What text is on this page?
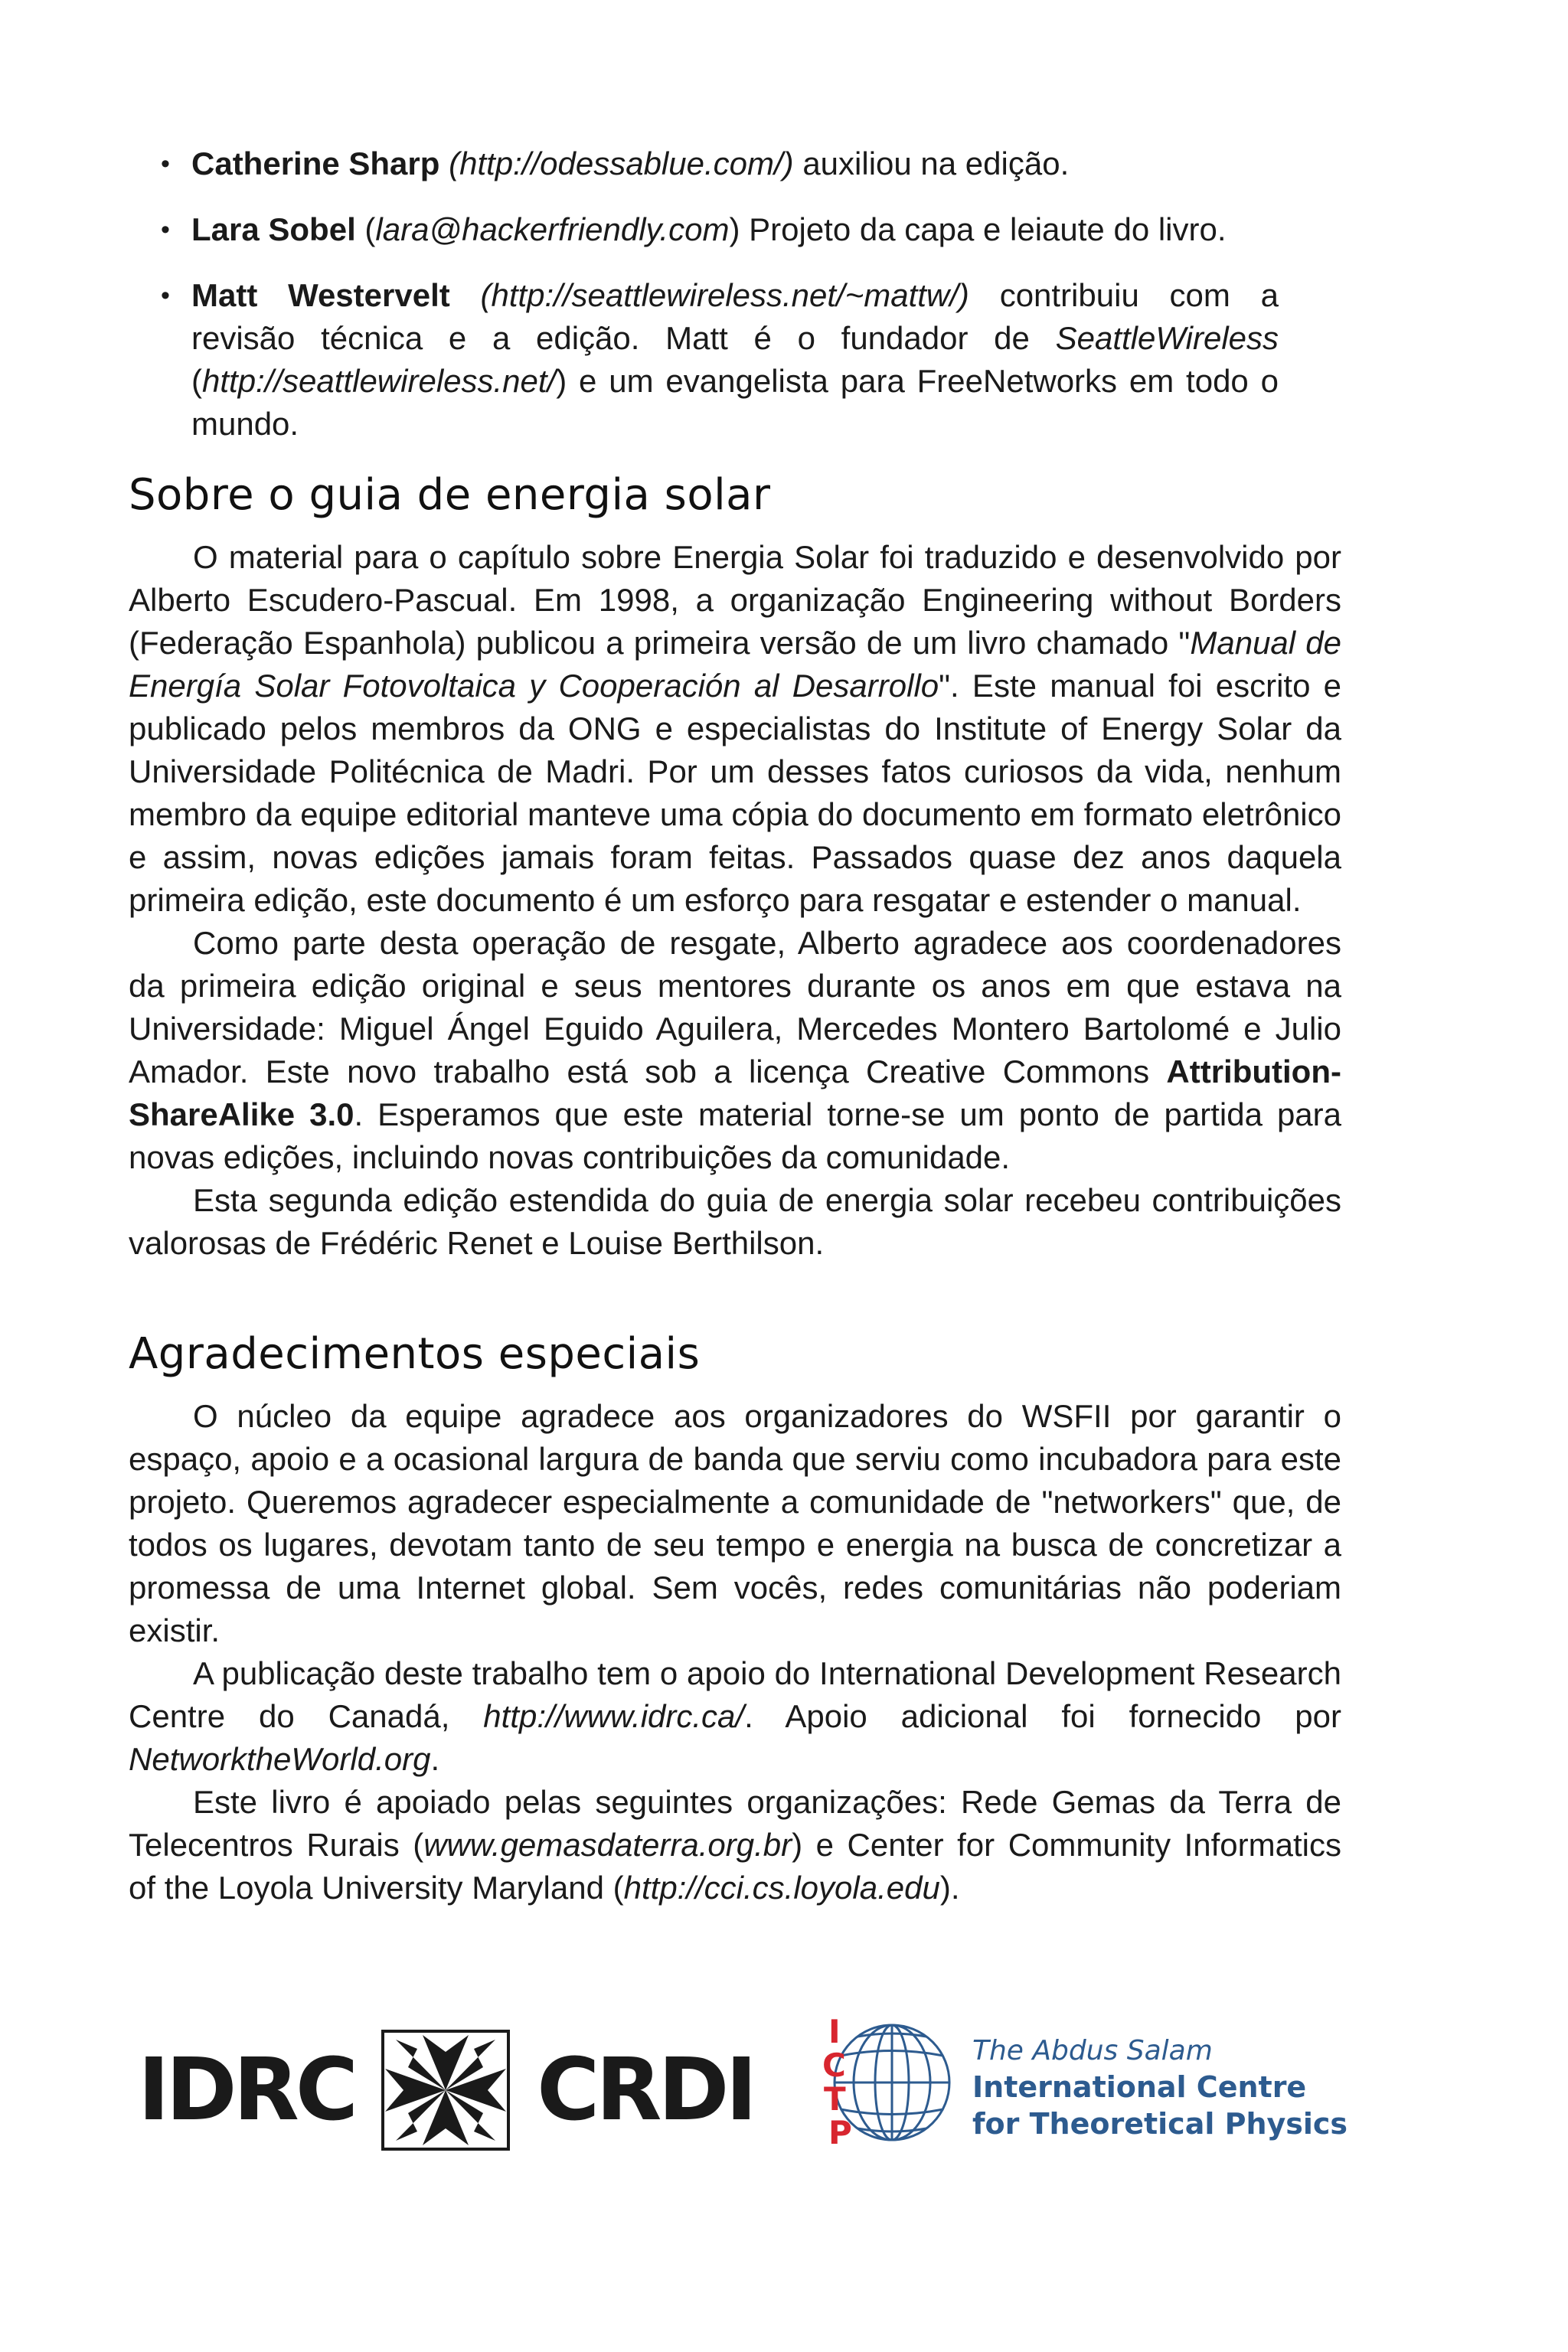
• Catherine Sharp (http://odessablue.com/) auxiliou na edição.
• Lara Sobel (lara@hackerfriendly.com) Projeto da capa e leiaute do livro.
• Matt Westervelt (http://seattlewireless.net/~mattw/) contribuiu com a revisão técnica e a edição. Matt é o fundador de SeattleWireless (http://seattlewireless.net/) e um evangelista para FreeNetworks em todo o mundo.
Sobre o guia de energia solar

O material para o capítulo sobre Energia Solar foi traduzido e desenvolvido por Alberto Escudero-Pascual. Em 1998, a organização Engineering without Borders (Federação Espanhola) publicou a primeira versão de um livro chamado "Manual de Energía Solar Fotovoltaica y Cooperación al Desarrollo". Este manual foi escrito e publicado pelos membros da ONG e especialistas do Institute of Energy Solar da Universidade Politécnica de Madri. Por um desses fatos curiosos da vida, nenhum membro da equipe editorial manteve uma cópia do documento em formato eletrônico e assim, novas edições jamais foram feitas. Passados quase dez anos daquela primeira edição, este documento é um esforço para resgatar e estender o manual.

Como parte desta operação de resgate, Alberto agradece aos coordenadores da primeira edição original e seus mentores durante os anos em que estava na Universidade: Miguel Ángel Eguido Aguilera, Mercedes Montero Bartolomé e Julio Amador. Este novo trabalho está sob a licença Creative Commons Attribution-ShareAlike 3.0. Esperamos que este material torne-se um ponto de partida para novas edições, incluindo novas contribuições da comunidade.

Esta segunda edição estendida do guia de energia solar recebeu contribuições valorosas de Frédéric Renet e Louise Berthilson.

Agradecimentos especiais

O núcleo da equipe agradece aos organizadores do WSFII por garantir o espaço, apoio e a ocasional largura de banda que serviu como incubadora para este projeto. Queremos agradecer especialmente a comunidade de "networkers" que, de todos os lugares, devotam tanto de seu tempo e energia na busca de concretizar a promessa de uma Internet global. Sem vocês, redes comunitárias não poderiam existir.

A publicação deste trabalho tem o apoio do International Development Research Centre do Canadá, http://www.idrc.ca/. Apoio adicional foi fornecido por NetworktheWorld.org.

Este livro é apoiado pelas seguintes organizações: Rede Gemas da Terra de Telecentros Rurais (www.gemasdaterra.org.br) e Center for Community Informatics of the Loyola University Maryland (http://cci.cs.loyola.edu).

IDRC CRDI
I
C
T
P
The Abdus Salam
International Centre
for Theoretical Physics
